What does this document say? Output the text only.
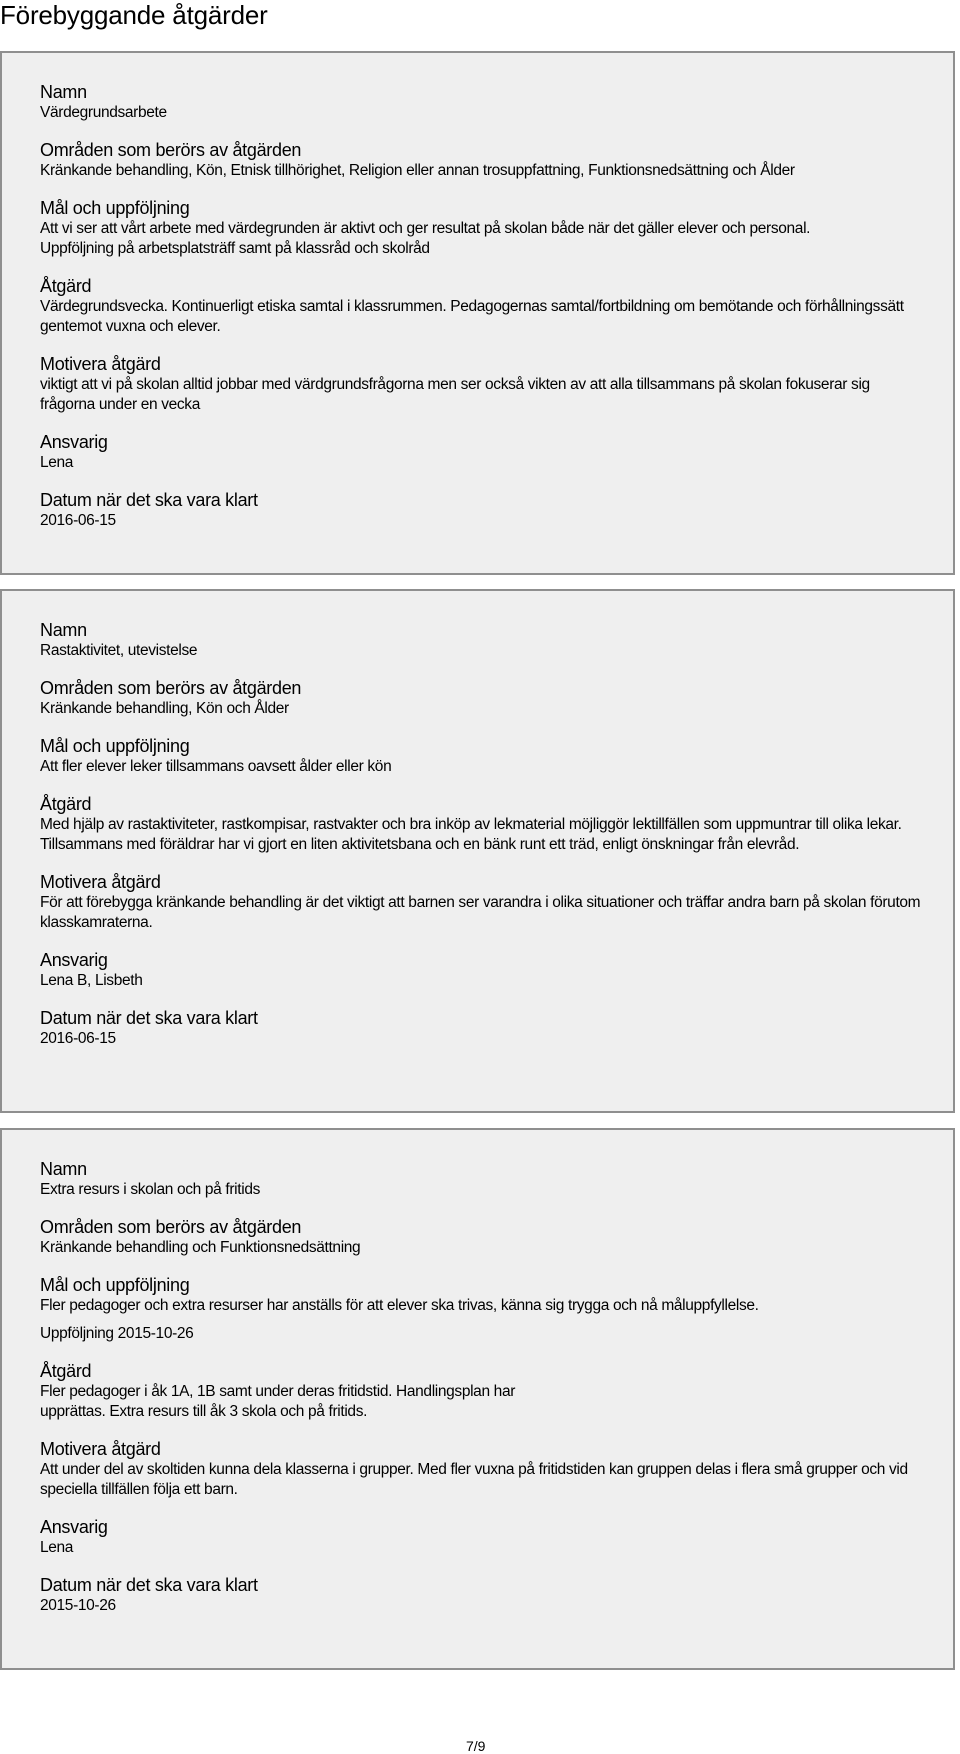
Förebyggande åtgärder
Namn

Värdegrundsarbete

Områden som berörs av åtgärden

Kränkande behandling, Kön, Etnisk tillhörighet, Religion eller annan trosuppfattning, Funktionsnedsättning och Ålder

Mål och uppföljning

Att vi ser att vårt arbete med värdegrunden är aktivt och ger resultat på skolan både när det gäller elever och personal.
Uppföljning på arbetsplatsträff samt på klassråd och skolråd

Åtgärd

Värdegrundsvecka. Kontinuerligt etiska samtal i klassrummen. Pedagogernas samtal/fortbildning om bemötande och förhållningssätt gentemot vuxna och elever.

Motivera åtgärd

viktigt att vi på skolan alltid jobbar med värdgrundsfrågorna men ser också vikten av att alla tillsammans på skolan fokuserar sig frågorna under en vecka

Ansvarig

Lena

Datum när det ska vara klart

2016-06-15

Namn

Rastaktivitet, utevistelse

Områden som berörs av åtgärden

Kränkande behandling, Kön och Ålder

Mål och uppföljning

Att fler elever leker tillsammans oavsett ålder eller kön

Åtgärd

Med hjälp av rastaktiviteter, rastkompisar, rastvakter och bra inköp av lekmaterial möjliggör lektillfällen som uppmuntrar till olika lekar. Tillsammans med föräldrar har vi gjort en liten aktivitetsbana och en bänk runt ett träd, enligt önskningar från elevråd.

Motivera åtgärd

För att förebygga kränkande behandling är det viktigt att barnen ser varandra i olika situationer och träffar andra barn på skolan förutom klasskamraterna.

Ansvarig

Lena B, Lisbeth

Datum när det ska vara klart

2016-06-15

Namn

Extra resurs i skolan och på fritids

Områden som berörs av åtgärden

Kränkande behandling och Funktionsnedsättning

Mål och uppföljning

Fler pedagoger och extra resurser har anställs för att elever ska trivas, känna sig trygga och nå måluppfyllelse.

Uppföljning 2015-10-26

Åtgärd

Fler pedagoger i åk 1A, 1B samt under deras fritidstid. Handlingsplan har
upprättas. Extra resurs till åk 3 skola och på fritids.

Motivera åtgärd

Att under del av skoltiden kunna dela klasserna i grupper. Med fler vuxna på fritidstiden kan gruppen delas i flera små grupper och vid speciella tillfällen följa ett barn.

Ansvarig

Lena

Datum när det ska vara klart

2015-10-26

7/9
